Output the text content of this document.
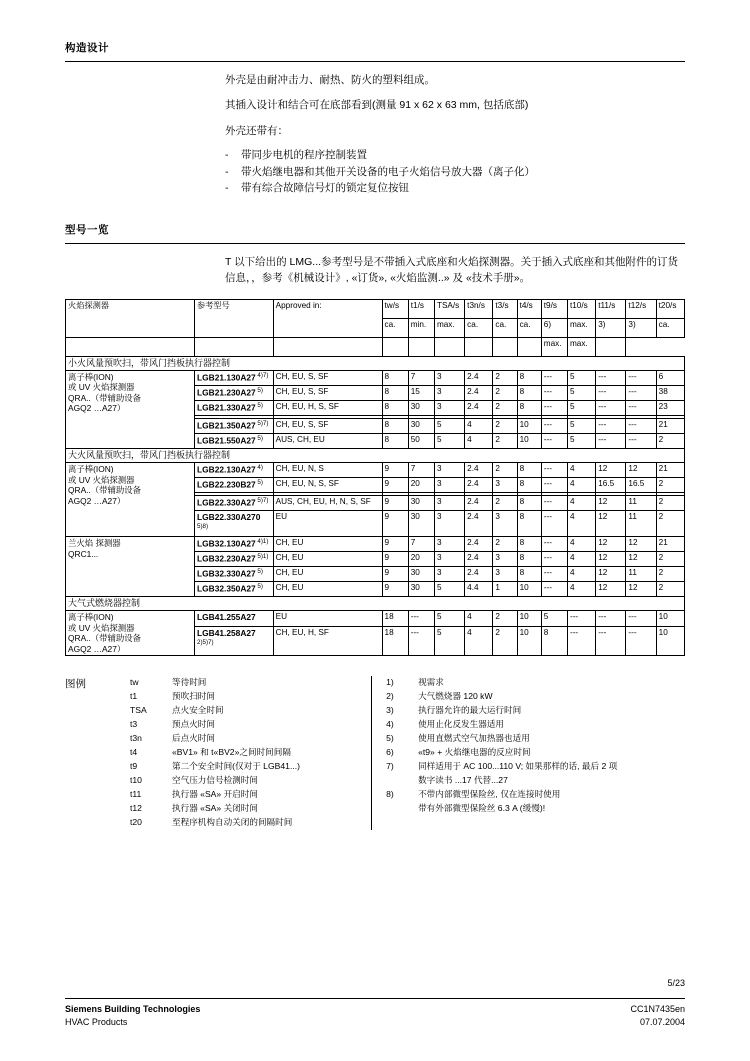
构造设计

外壳是由耐冲击力、耐热、防火的塑料组成。

其插入设计和结合可在底部看到(测量 91 x 62 x 63 mm, 包括底部)

外壳还带有：

- 带同步电机的程序控制装置
- 带火焰继电器和其他开关设备的电子火焰信号放大器（离子化）
- 带有综合故障信号灯的锁定复位按钮
型号一览

T 以下给出的 LMG...参考型号是不带插入式底座和火焰探测器。关于插入式底座和其他附件的订货信息，，参考《机械设计》, «订货», «火焰监测..» 及 «技术手册»。

火焰探测器	参考型号	Approved in:	tw/s	t1/s	TSA/s	t3n/s	t3/s	t4/s	t9/s	t10/s	t11/s	t12/s	t20/s
			ca.	min.	max.	ca.	ca.	ca.	6)	max.	3)	3)	ca.
									max.	max.			
小火风量预吹扫，带风门挡板执行器控制													
离子棒(ION)
或 UV 火焰探测器
QRA..（带辅助设备
AGQ2 …A27）	LGB21.130A27 $^{4)7)}$	CH, EU, S, SF	8	7	3	2.4	2	8	---	5	---	---	6
	LGB21.230A27 $^{5)}$	CH, EU, S, SF	8	15	3	2.4	2	8	---	5	---	---	38
	LGB21.330A27 $^{5)}$	CH, EU, H, S, SF	8	30	3	2.4	2	8	---	5	---	---	23

	LGB21.350A27 $^{5)7)}$	CH, EU, S, SF	8	30	5	4	2	10	---	5	---	---	21
	LGB21.550A27 $^{5)}$	AUS, CH, EU	8	50	5	4	2	10	---	5	---	---	2
大火风量预吹扫，带风门挡板执行器控制													
离子棒(ION)
或 UV 火焰探测器
QRA..（带辅助设备
AGQ2 …A27）	LGB22.130A27 $^{4)}$	CH, EU, N, S	9	7	3	2.4	2	8	---	4	12	12	21
	LGB22.230B27 $^{5)}$	CH, EU, N, S, SF	9	20	3	2.4	3	8	---	4	16.5	16.5	2

	LGB22.330A27 $^{5)7)}$	AUS, CH, EU, H, N, S, SF	9	30	3	2.4	2	8	---	4	12	11	2
	LGB22.330A270 $^{5)8)}$	EU	9	30	3	2.4	3	8	---	4	12	11	2
兰火焰 探测器
QRC1...	LGB32.130A27 $^{4)1)}$	CH, EU	9	7	3	2.4	2	8	---	4	12	12	21
	LGB32.230A27 $^{5)1)}$	CH, EU	9	20	3	2.4	3	8	---	4	12	12	2
	LGB32.330A27 $^{5)}$	CH, EU	9	30	3	2.4	3	8	---	4	12	11	2
	LGB32.350A27 $^{5)}$	CH, EU	9	30	5	4.4	1	10	---	4	12	12	2
大气式燃烧器控制													
离子棒(ION)
或 UV 火焰探测器
QRA..（带辅助设备
AGQ2 …A27）	LGB41.255A27	EU	18	---	5	4	2	10	5	---	---	---	10
	LGB41.258A27 $^{2)5)7)}$	CH, EU, H, SF	18	---	5	4	2	10	8	---	---	---	10
图例	tw	等待时间
t1	预吹扫时间
TSA	点火安全时间
t3	预点火时间
t3n	后点火时间
t4	«BV1» 和 t«BV2»之间时间间隔
t9	第二个安全时间(仅对于 LGB41...)
t10	空气压力信号检测时间
t11	执行器 «SA» 开启时间
t12	执行器 «SA» 关闭时间
t20	至程序机构自动关闭的间隔时间
1)	视需求
2)	大气燃烧器 120 kW
3)	执行器允许的最大运行时间
4)	使用止化反发生器适用
5)	使用直燃式空气加热器也适用
6)	«t9» + 火焰继电器的反应时间
7)	同样适用于 AC 100...110 V; 如果那样的话, 最后 2 项
数字读书 ...17 代替...27
8)	不带内部微型保险丝, 仅在连接时使用
带有外部微型保险丝 6.3 A (缓慢)!
5/23
Siemens Building Technologies
HVAC Products
CC1N7435en
07.07.2004
